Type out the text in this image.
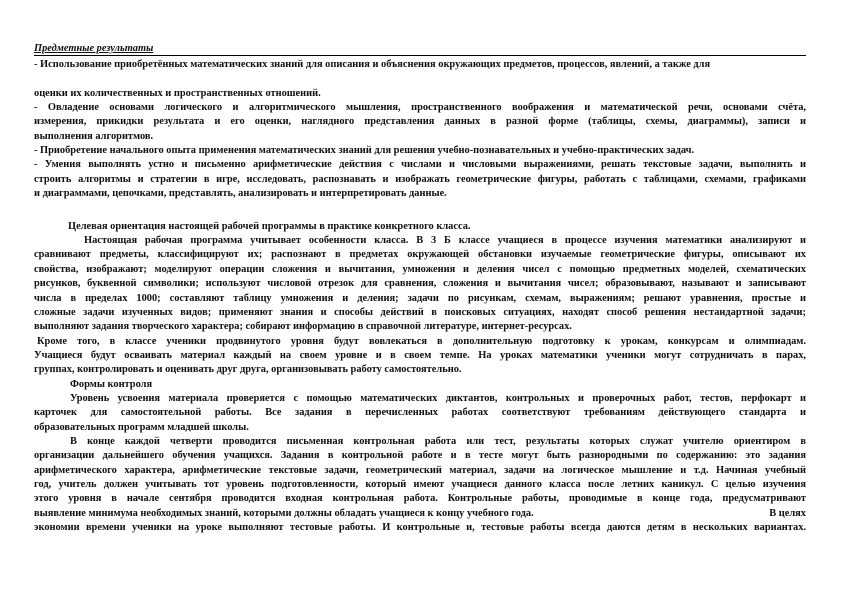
Предметные результаты
- Использование приобретённых математических знаний для описания и объяснения окружающих предметов, процессов, явлений, а также для
оценки их количественных и пространственных отношений.
- Овладение основами логического и алгоритмического мышления, пространственного воображения и математической речи, основами счёта,
измерения, прикидки результата и его оценки, наглядного представления данных в разной форме (таблицы, схемы, диаграммы), записи и
выполнения алгоритмов.
- Приобретение начального опыта применения математических знаний для решения учебно-познавательных и учебно-практических задач.
- Умения выполнять устно и письменно арифметические действия с числами и числовыми выражениями, решать текстовые задачи, выполнять и
строить алгоритмы и стратегии в игре, исследовать, распознавать и изображать геометрические фигуры, работать с таблицами, схемами, графиками
и диаграммами, цепочками, представлять, анализировать и интерпретировать данные.
Целевая ориентация настоящей рабочей программы в практике конкретного класса.
Настоящая рабочая программа учитывает особенности класса. В 3 Б классе учащиеся в процессе изучения математики анализируют и
сравнивают предметы, классифицируют их; распознают в предметах окружающей обстановки изучаемые геометрические фигуры, описывают их
свойства, изображают; моделируют операции сложения и вычитания, умножения и деления чисел с помощью предметных моделей, схематических
рисунков, буквенной символики; используют числовой отрезок для сравнения, сложения и вычитания чисел; образовывают, называют и записывают
числа в пределах 1000; составляют таблицу умножения и деления; задачи по рисункам, схемам, выражениям; решают уравнения, простые и
сложные задачи изученных видов; применяют знания и способы действий в поисковых ситуациях, находят способ решения нестандартной задачи;
выполняют задания творческого характера; собирают информацию в справочной литературе, интернет-ресурсах.
Кроме того, в классе ученики продвинутого уровня будут вовлекаться в дополнительную подготовку к урокам, конкурсам и олимпиадам.
Учащиеся будут осваивать материал каждый на своем уровне и в своем темпе. На уроках математики ученики могут сотрудничать в парах,
группах, контролировать и оценивать друг друга, организовывать работу самостоятельно.
Формы контроля
Уровень усвоения материала проверяется с помощью математических диктантов, контрольных и проверочных работ, тестов, перфокарт и
карточек для самостоятельной работы. Все задания в перечисленных работах соответствуют требованиям действующего стандарта и
образовательных программ младшей школы.
В конце каждой четверти проводится письменная контрольная работа или тест, результаты которых служат учителю ориентиром в
организации дальнейшего обучения учащихся. Задания в контрольной работе и в тесте могут быть разнородными по содержанию: это задания
арифметического характера, арифметические текстовые задачи, геометрический материал, задачи на логическое мышление и т.д. Начиная учебный
год, учитель должен учитывать тот уровень подготовленности, который имеют учащиеся данного класса после летних каникул. С целью изучения
этого уровня в начале сентября проводится входная контрольная работа. Контрольные работы, проводимые в конце года, предусматривают
выявление минимума необходимых знаний, которыми должны обладать учащиеся к концу учебного года.	В целях
экономии времени ученики на уроке выполняют тестовые работы. И контрольные и, тестовые работы всегда даются детям в нескольких вариантах.
